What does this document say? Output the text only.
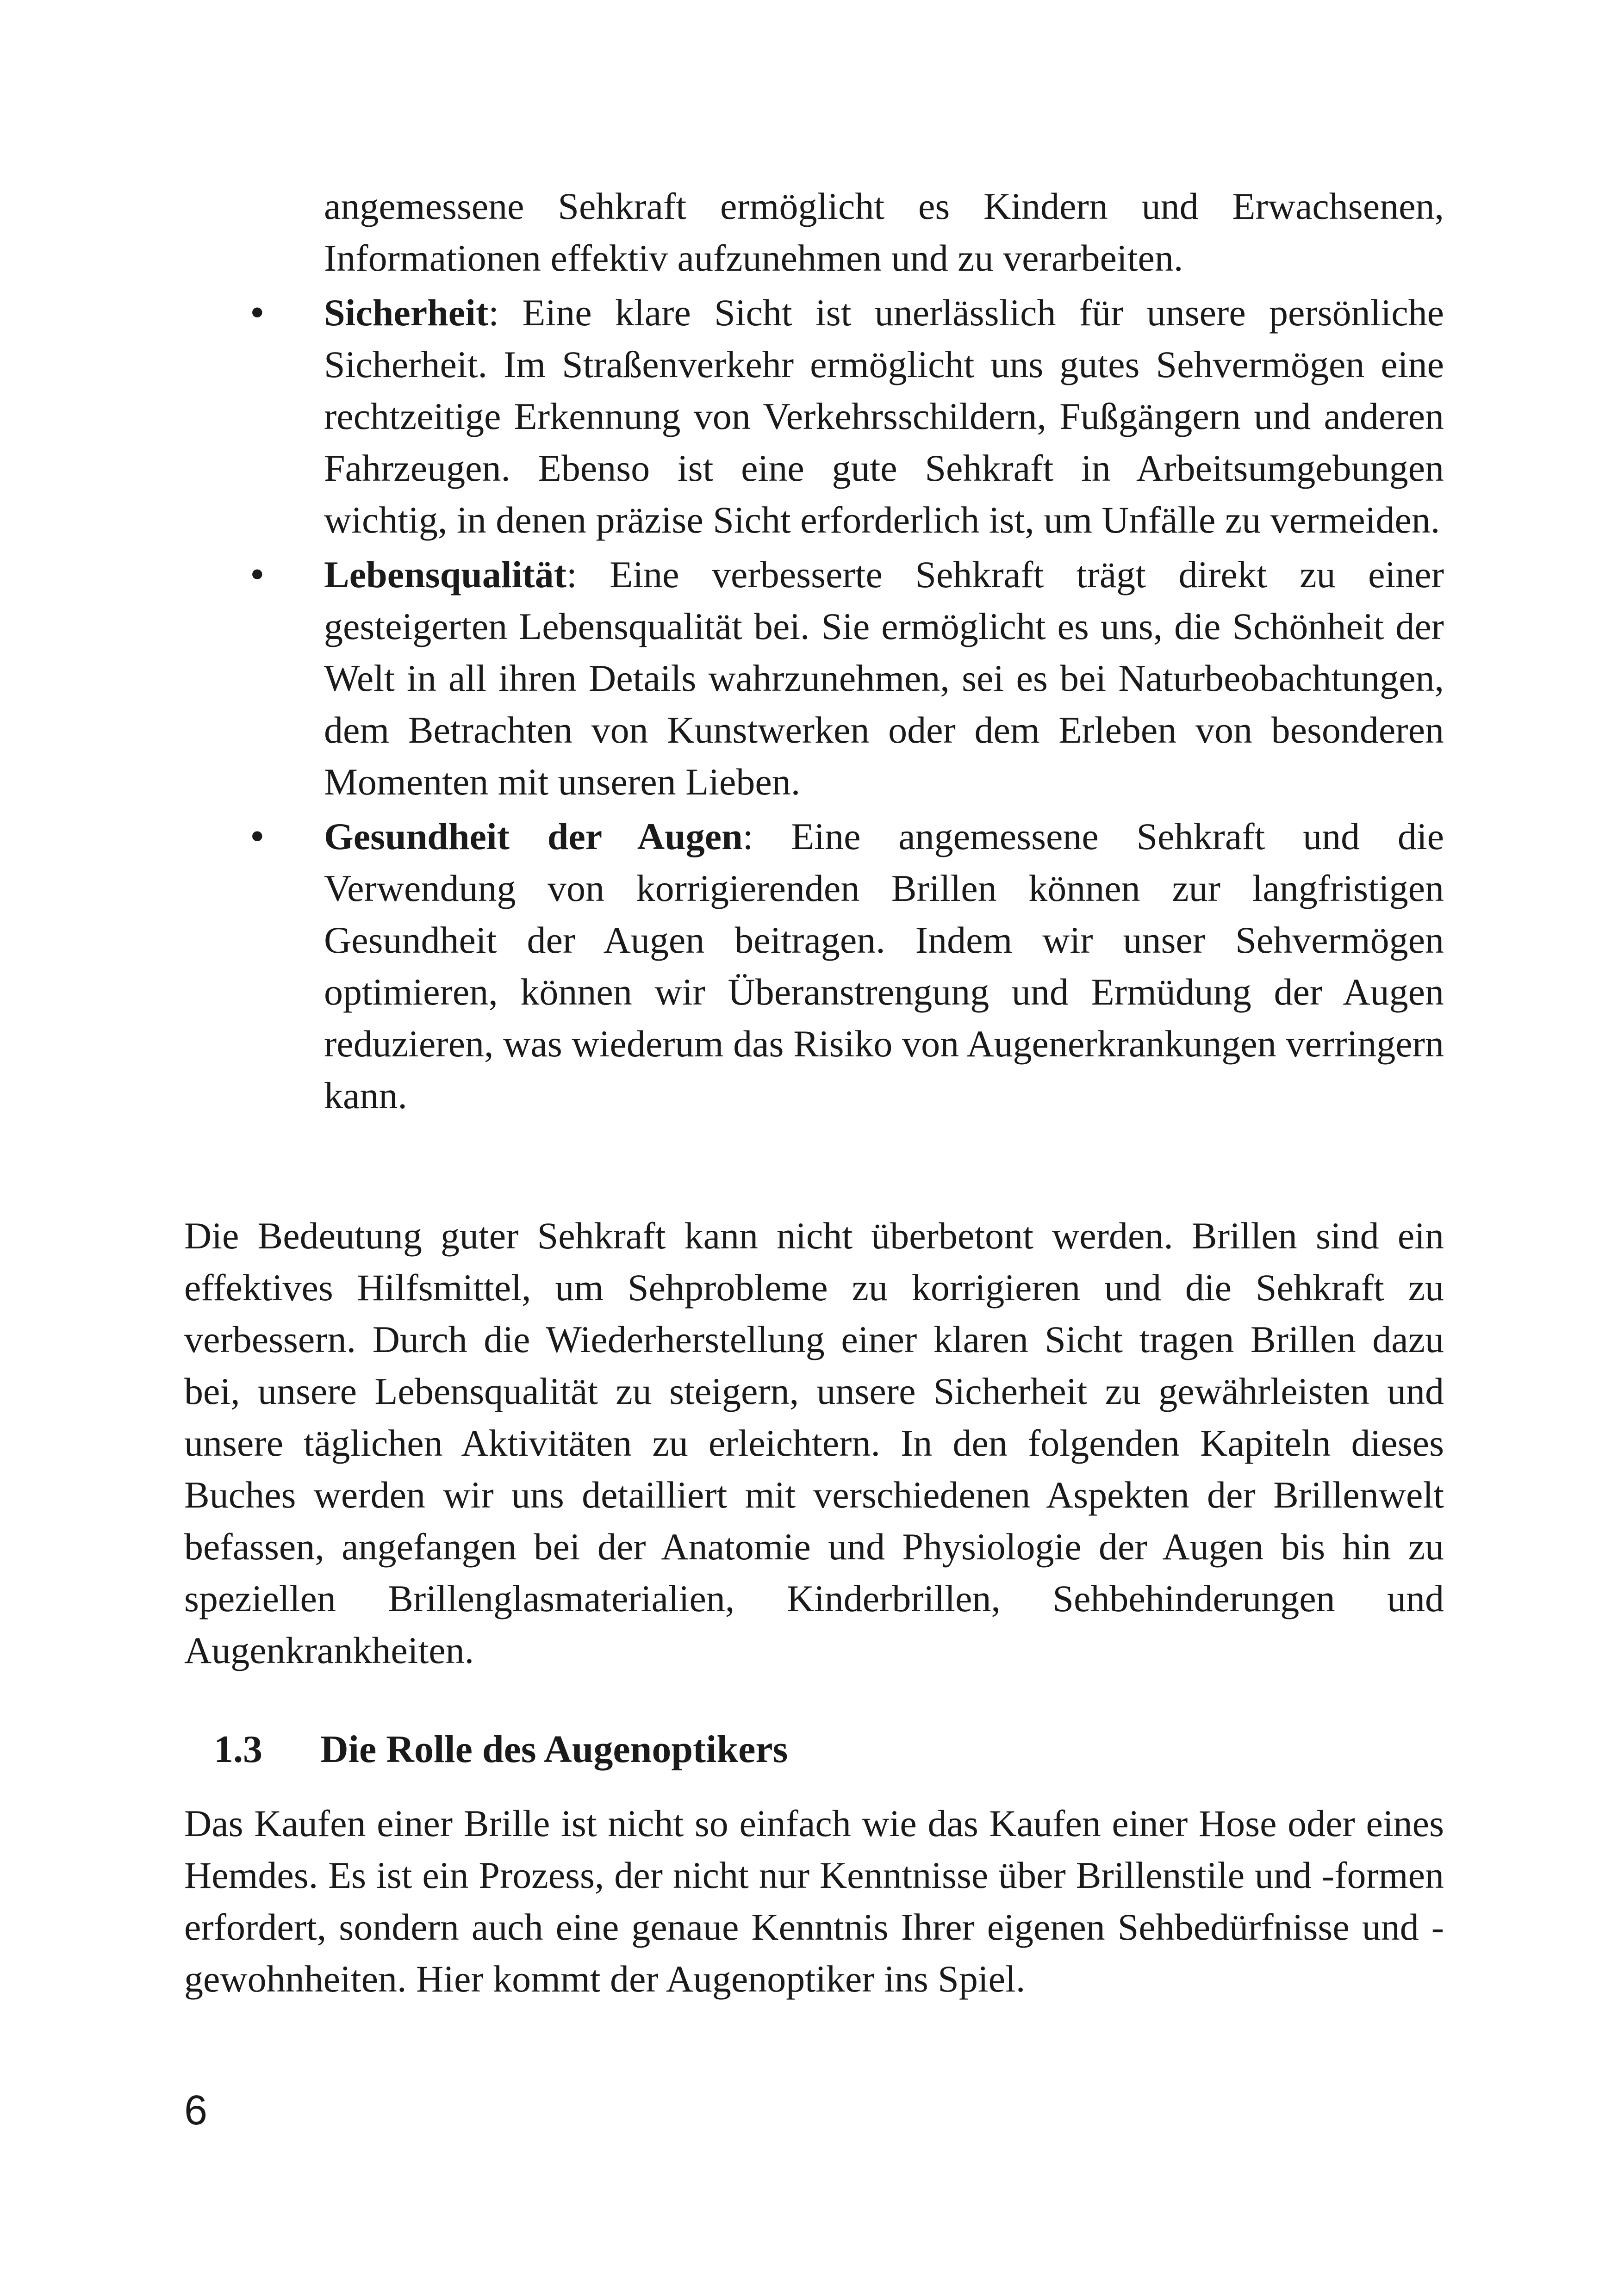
angemessene Sehkraft ermöglicht es Kindern und Erwachsenen, Informationen effektiv aufzunehmen und zu verarbeiten.
•	Sicherheit: Eine klare Sicht ist unerlässlich für unsere persönliche Sicherheit. Im Straßenverkehr ermöglicht uns gutes Sehvermögen eine rechtzeitige Erkennung von Verkehrsschildern, Fußgängern und anderen Fahrzeugen. Ebenso ist eine gute Sehkraft in Arbeitsumgebungen wichtig, in denen präzise Sicht erforderlich ist, um Unfälle zu vermeiden.
•	Lebensqualität: Eine verbesserte Sehkraft trägt direkt zu einer gesteigerten Lebensqualität bei. Sie ermöglicht es uns, die Schönheit der Welt in all ihren Details wahrzunehmen, sei es bei Naturbeobachtungen, dem Betrachten von Kunstwerken oder dem Erleben von besonderen Momenten mit unseren Lieben.
•	Gesundheit der Augen: Eine angemessene Sehkraft und die Verwendung von korrigierenden Brillen können zur langfristigen Gesundheit der Augen beitragen. Indem wir unser Sehvermögen optimieren, können wir Überanstrengung und Ermüdung der Augen reduzieren, was wiederum das Risiko von Augenerkrankungen verringern kann.

Die Bedeutung guter Sehkraft kann nicht überbetont werden. Brillen sind ein effektives Hilfsmittel, um Sehprobleme zu korrigieren und die Sehkraft zu verbessern. Durch die Wiederherstellung einer klaren Sicht tragen Brillen dazu bei, unsere Lebensqualität zu steigern, unsere Sicherheit zu gewährleisten und unsere täglichen Aktivitäten zu erleichtern. In den folgenden Kapiteln dieses Buches werden wir uns detailliert mit verschiedenen Aspekten der Brillenwelt befassen, angefangen bei der Anatomie und Physiologie der Augen bis hin zu speziellen Brillenglasmaterialien, Kinderbrillen, Sehbehinderungen und Augenkrankheiten.

1.3 Die Rolle des Augenoptikers

Das Kaufen einer Brille ist nicht so einfach wie das Kaufen einer Hose oder eines Hemdes. Es ist ein Prozess, der nicht nur Kenntnisse über Brillenstile und -formen erfordert, sondern auch eine genaue Kenntnis Ihrer eigenen Sehbedürfnisse und -gewohnheiten. Hier kommt der Augenoptiker ins Spiel.

6
